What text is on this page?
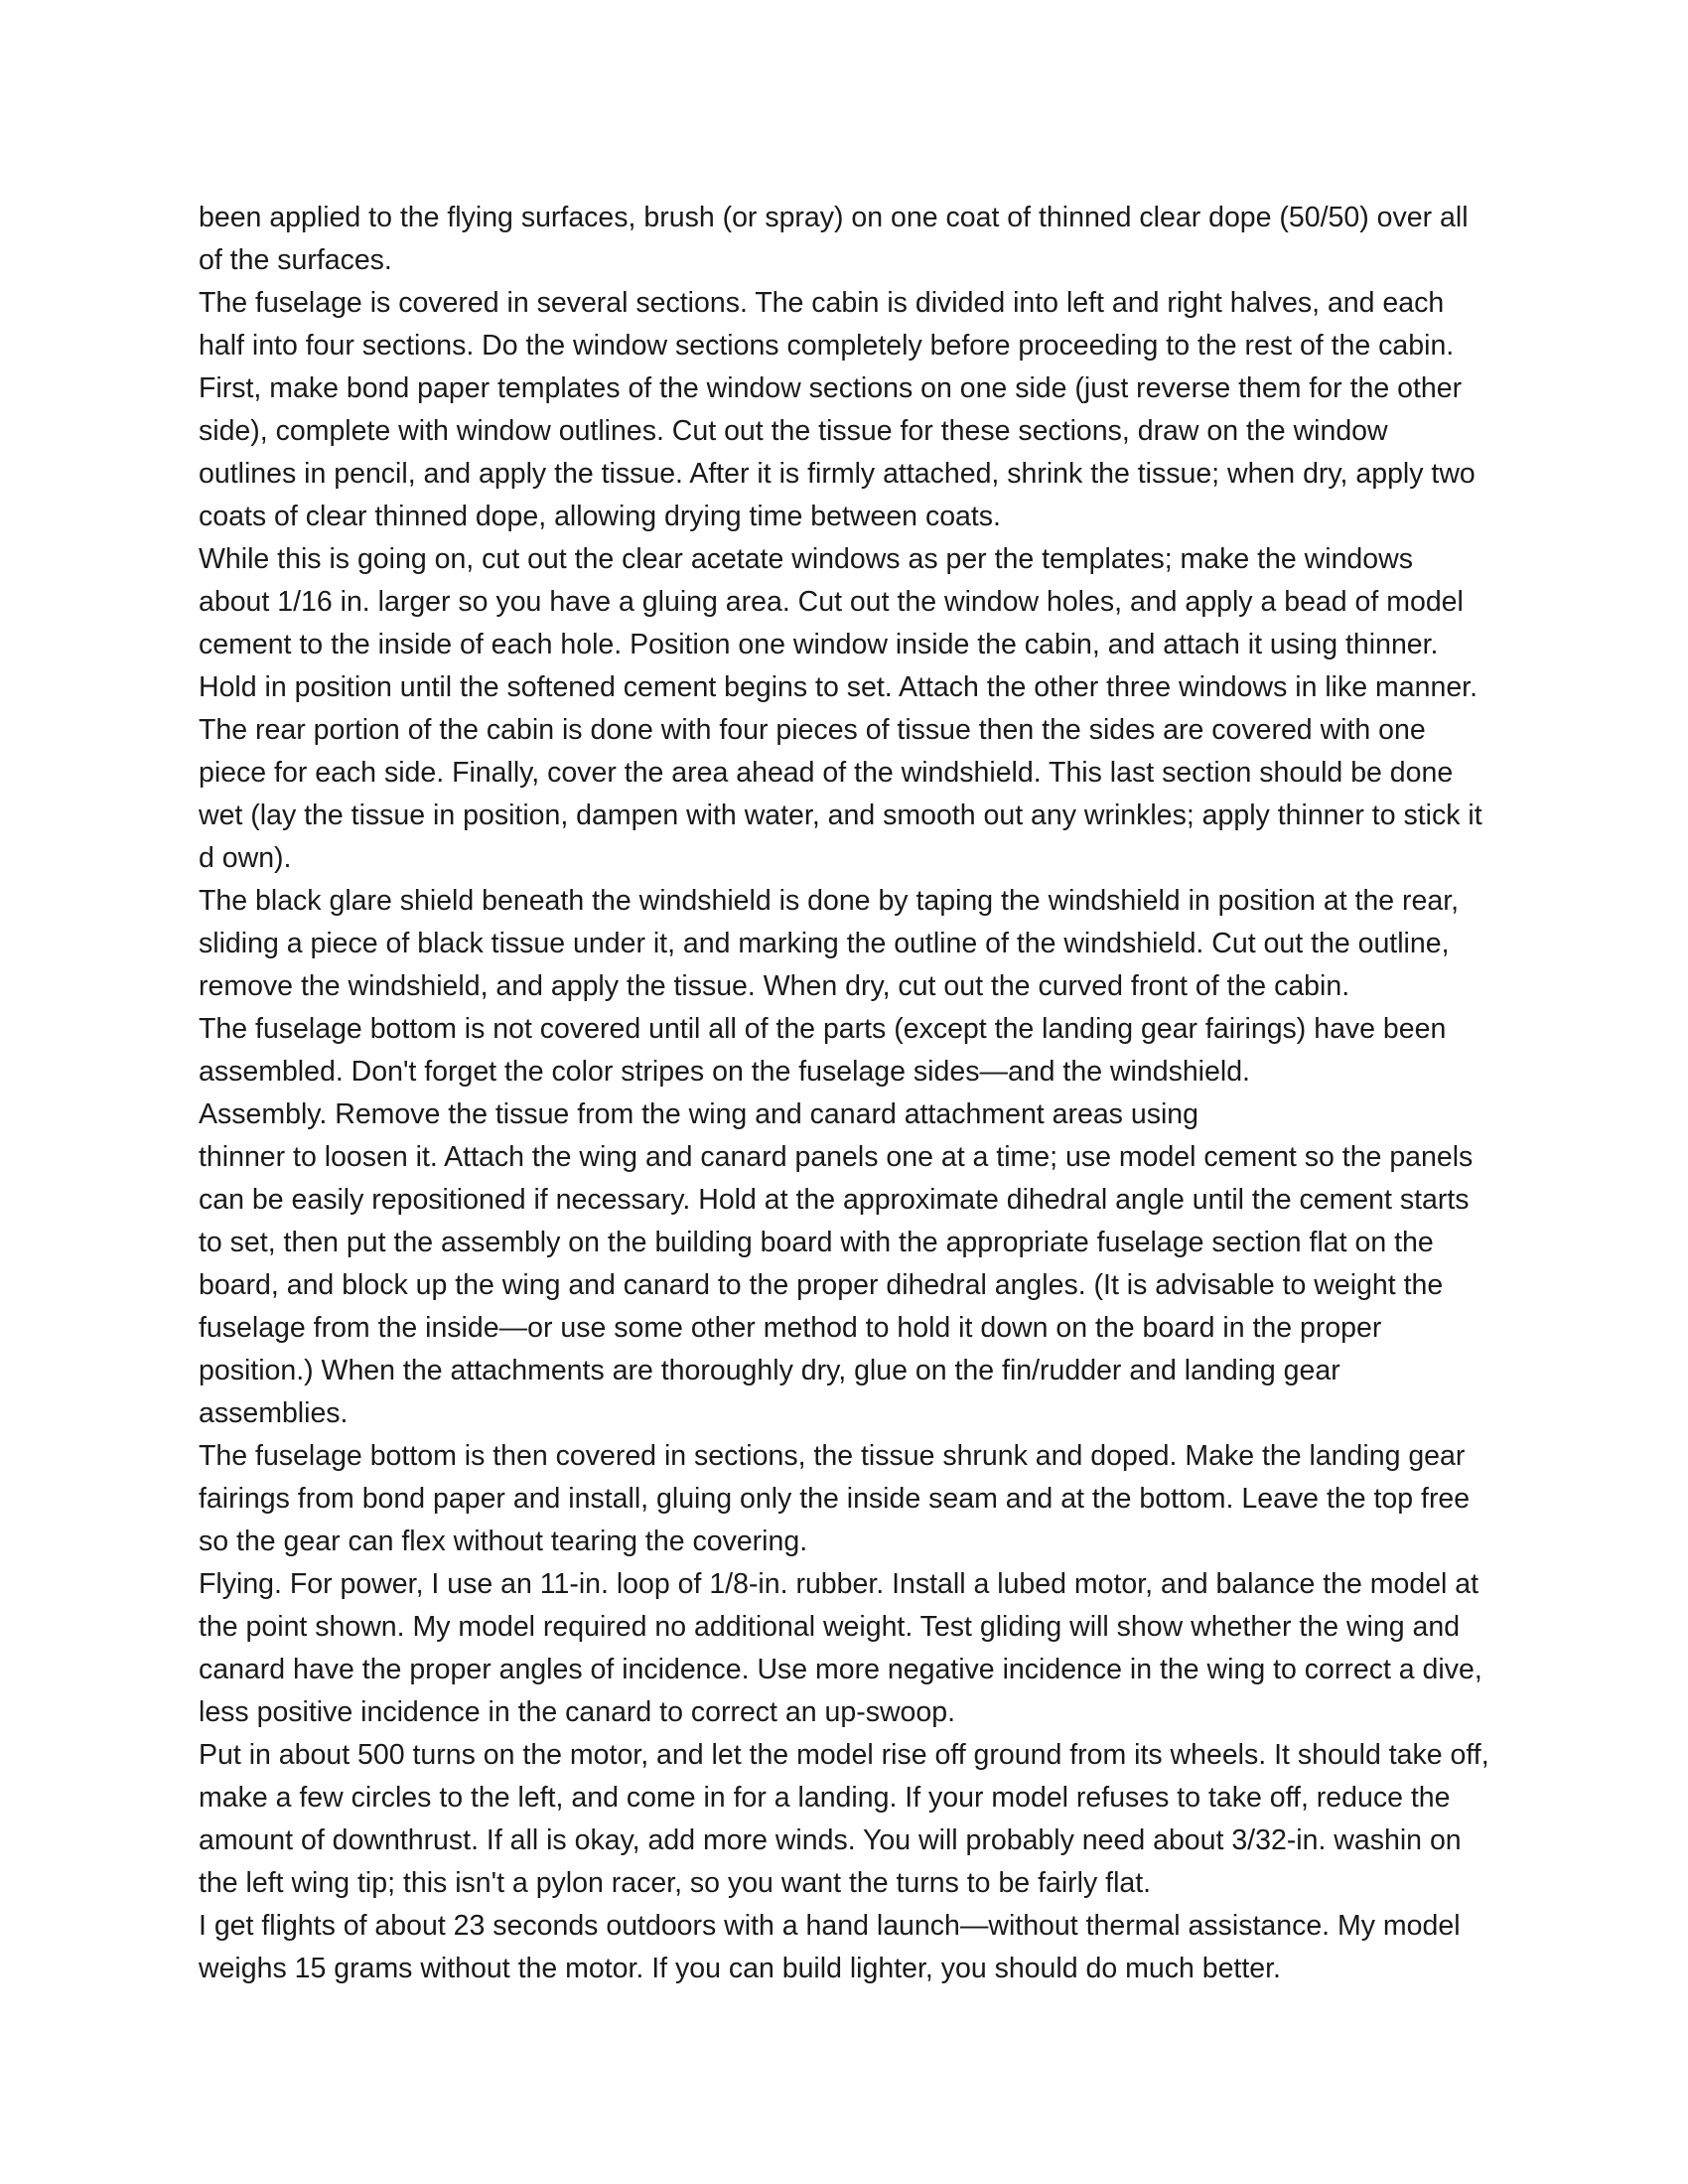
been applied to the flying surfaces, brush (or spray) on one coat of thinned clear dope (50/50) over all of the surfaces.

The fuselage is covered in several sections. The cabin is divided into left and right halves, and each half into four sections. Do the window sections completely before proceeding to the rest of the cabin. First, make bond paper templates of the window sections on one side (just reverse them for the other side), complete with window outlines. Cut out the tissue for these sections, draw on the window outlines in pencil, and apply the tissue. After it is firmly attached, shrink the tissue; when dry, apply two coats of clear thinned dope, allowing drying time between coats.

While this is going on, cut out the clear acetate windows as per the templates; make the windows about 1/16 in. larger so you have a gluing area. Cut out the window holes, and apply a bead of model cement to the inside of each hole. Position one window inside the cabin, and attach it using thinner. Hold in position until the softened cement begins to set. Attach the other three windows in like manner.

The rear portion of the cabin is done with four pieces of tissue then the sides are covered with one piece for each side. Finally, cover the area ahead of the windshield. This last section should be done wet (lay the tissue in position, dampen with water, and smooth out any wrinkles; apply thinner to stick it d own).

The black glare shield beneath the windshield is done by taping the windshield in position at the rear, sliding a piece of black tissue under it, and marking the outline of the windshield. Cut out the outline, remove the windshield, and apply the tissue. When dry, cut out the curved front of the cabin.

The fuselage bottom is not covered until all of the parts (except the landing gear fairings) have been assembled. Don't forget the color stripes on the fuselage sides—and the windshield.

Assembly. Remove the tissue from the wing and canard attachment areas using

thinner to loosen it. Attach the wing and canard panels one at a time; use model cement so the panels can be easily repositioned if necessary. Hold at the approximate dihedral angle until the cement starts to set, then put the assembly on the building board with the appropriate fuselage section flat on the board, and block up the wing and canard to the proper dihedral angles. (It is advisable to weight the fuselage from the inside—or use some other method to hold it down on the board in the proper position.) When the attachments are thoroughly dry, glue on the fin/rudder and landing gear assemblies.

The fuselage bottom is then covered in sections, the tissue shrunk and doped. Make the landing gear fairings from bond paper and install, gluing only the inside seam and at the bottom. Leave the top free so the gear can flex without tearing the covering.

Flying. For power, I use an 11-in. loop of 1/8-in. rubber. Install a lubed motor, and balance the model at the point shown. My model required no additional weight. Test gliding will show whether the wing and canard have the proper angles of incidence. Use more negative incidence in the wing to correct a dive, less positive incidence in the canard to correct an up-swoop.

Put in about 500 turns on the motor, and let the model rise off ground from its wheels. It should take off, make a few circles to the left, and come in for a landing. If your model refuses to take off, reduce the amount of downthrust. If all is okay, add more winds. You will probably need about 3/32-in. washin on the left wing tip; this isn't a pylon racer, so you want the turns to be fairly flat.

I get flights of about 23 seconds outdoors with a hand launch—without thermal assistance. My model weighs 15 grams without the motor. If you can build lighter, you should do much better.
